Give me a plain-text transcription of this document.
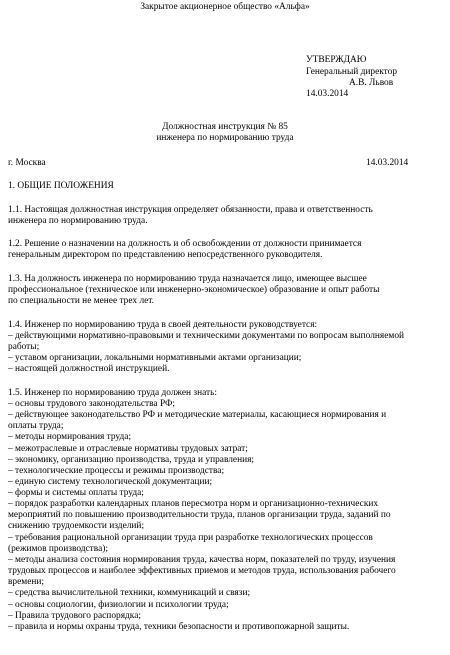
Закрытое акционерное общество «Альфа»
УТВЕРЖДАЮ
Генеральный директор
А.В. Львов
14.03.2014
Должностная инструкция № 85
инженера по нормированию труда
г. Москва	14.03.2014
1. ОБЩИЕ ПОЛОЖЕНИЯ
1.1. Настоящая должностная инструкция определяет обязанности, права и ответственность
инженера по нормированию труда.
1.2. Решение о назначении на должность и об освобождении от должности принимается
генеральным директором по представлению непосредственного руководителя.
1.3. На должность инженера по нормированию труда назначается лицо, имеющее высшее
профессиональное (техническое или инженерно-экономическое) образование и опыт работы
по специальности не менее трех лет.
1.4. Инженер по нормированию труда в своей деятельности руководствуется:
– действующими нормативно-правовыми и техническими документами по вопросам выполняемой
работы;
– уставом организации, локальными нормативными актами организации;
– настоящей должностной инструкцией.
1.5. Инженер по нормированию труда должен знать:
– основы трудового законодательства РФ;
– действующее законодательство РФ и методические материалы, касающиеся нормирования и
оплаты труда;
– методы нормирования труда;
– межотраслевые и отраслевые нормативы трудовых затрат;
– экономику, организацию производства, труда и управления;
– технологические процессы и режимы производства;
– единую систему технологической документации;
– формы и системы оплаты труда;
– порядок разработки календарных планов пересмотра норм и организационно-технических
мероприятий по повышению производительности труда, планов организации труда, заданий по
снижению трудоемкости изделий;
– требования рациональной организации труда при разработке технологических процессов
(режимов производства);
– методы анализа состояния нормирования труда, качества норм, показателей по труду, изучения
трудовых процессов и наиболее эффективных приемов и методов труда, использования рабочего
времени;
– средства вычислительной техники, коммуникаций и связи;
– основы социологии, физиологии и психологии труда;
– Правила трудового распорядка;
– правила и нормы охраны труда, техники безопасности и противопожарной защиты.
